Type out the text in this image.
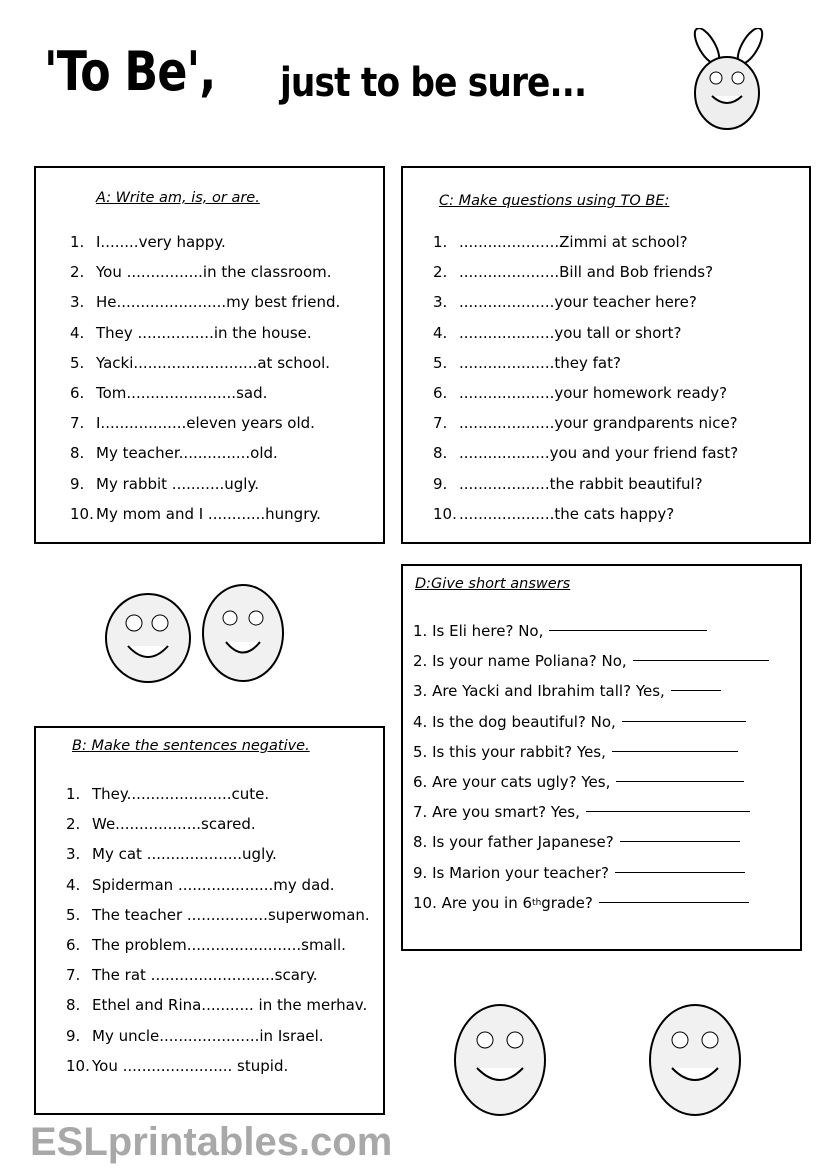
'To Be', just to be sure...
A: Write am, is, or are.
1. I........very happy.
2. You ................in the classroom.
3. He.......................my best friend.
4. They ................in the house.
5. Yacki..........................at school.
6. Tom.......................sad.
7. I..................eleven years old.
8. My teacher...............old.
9. My rabbit ...........ugly.
10. My mom and I ............hungry.
C: Make questions using TO BE:
1. .....................Zimmi at school?
2. .....................Bill and Bob friends?
3. ....................your teacher here?
4. ....................you tall or short?
5. ....................they fat?
6. ....................your homework ready?
7. ....................your grandparents nice?
8. ...................you and your friend fast?
9. ...................the rabbit beautiful?
10. ....................the cats happy?
D:Give short answers
1. Is Eli here? No,
2. Is your name Poliana? No,
3. Are Yacki and Ibrahim tall? Yes,
4. Is the dog beautiful? No,
5. Is this your rabbit? Yes,
6. Are your cats ugly? Yes,
7. Are you smart? Yes,
8. Is your father Japanese?
9. Is Marion your teacher?
10. Are you in 6 th grade?
B: Make the sentences negative.
1. They......................cute.
2. We..................scared.
3. My cat ....................ugly.
4. Spiderman ....................my dad.
5. The teacher .................superwoman.
6. The problem........................small.
7. The rat ..........................scary.
8. Ethel and Rina........... in the merhav.
9. My uncle.....................in Israel.
10. You ....................... stupid.
ESLprintables.com
